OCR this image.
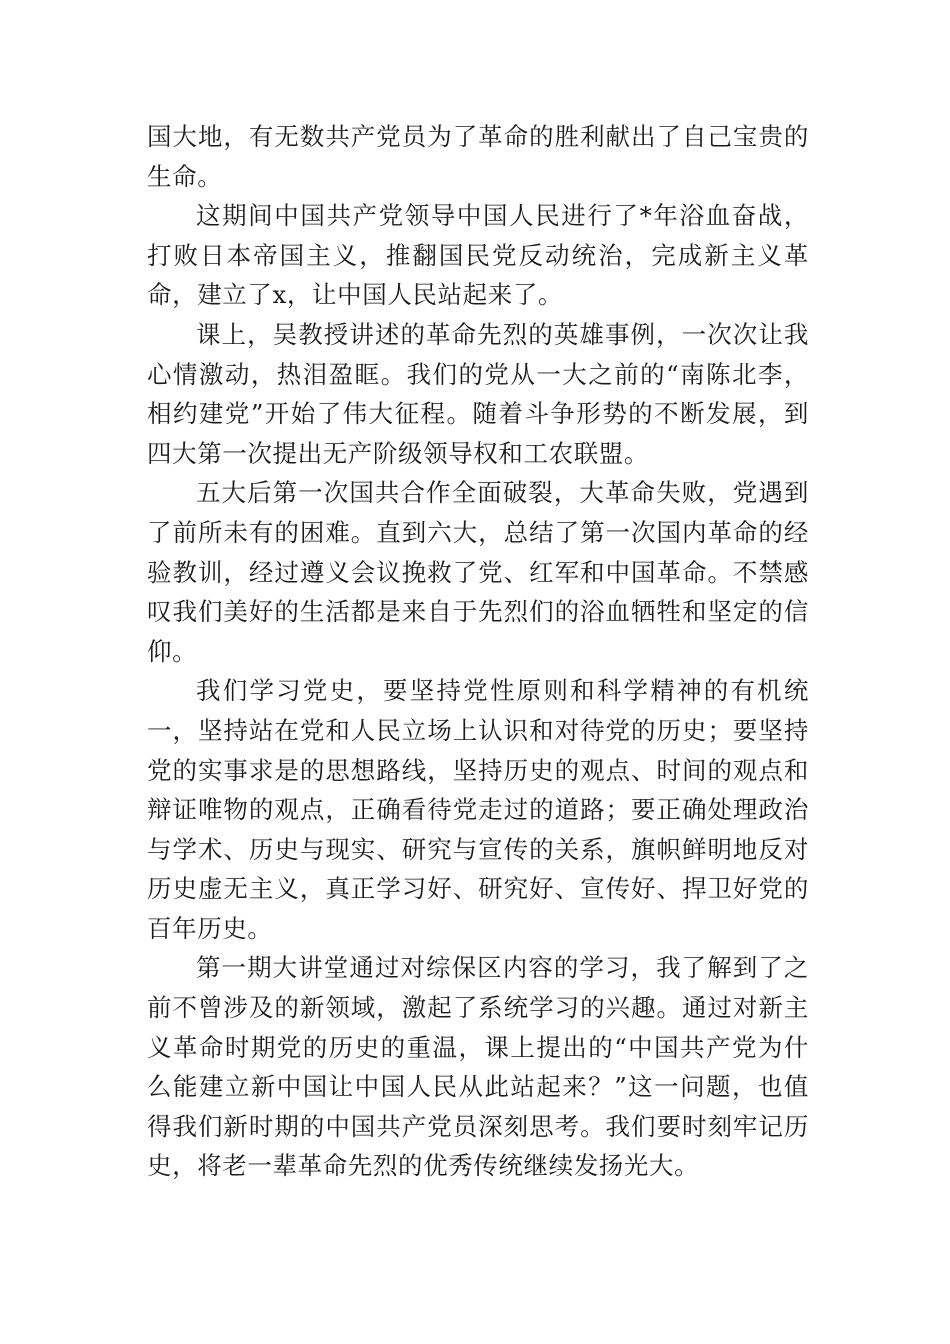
国大地，有无数共产党员为了革命的胜利献出了自己宝贵的生命。

这期间中国共产党领导中国人民进行了*年浴血奋战，打败日本帝国主义，推翻国民党反动统治，完成新主义革命，建立了x，让中国人民站起来了。

课上，吴教授讲述的革命先烈的英雄事例，一次次让我心情激动，热泪盈眶。我们的党从一大之前的“南陈北李，相约建党”开始了伟大征程。随着斗争形势的不断发展，到四大第一次提出无产阶级领导权和工农联盟。

五大后第一次国共合作全面破裂，大革命失败，党遇到了前所未有的困难。直到六大，总结了第一次国内革命的经验教训，经过遵义会议挽救了党、红军和中国革命。不禁感叹我们美好的生活都是来自于先烈们的浴血牺牲和坚定的信仰。

我们学习党史，要坚持党性原则和科学精神的有机统一，坚持站在党和人民立场上认识和对待党的历史；要坚持党的实事求是的思想路线，坚持历史的观点、时间的观点和辩证唯物的观点，正确看待党走过的道路；要正确处理政治与学术、历史与现实、研究与宣传的关系，旗帜鲜明地反对历史虚无主义，真正学习好、研究好、宣传好、捍卫好党的百年历史。

第一期大讲堂通过对综保区内容的学习，我了解到了之前不曾涉及的新领域，激起了系统学习的兴趣。通过对新主义革命时期党的历史的重温，课上提出的“中国共产党为什么能建立新中国让中国人民从此站起来？”这一问题，也值得我们新时期的中国共产党员深刻思考。我们要时刻牢记历史，将老一辈革命先烈的优秀传统继续发扬光大。
